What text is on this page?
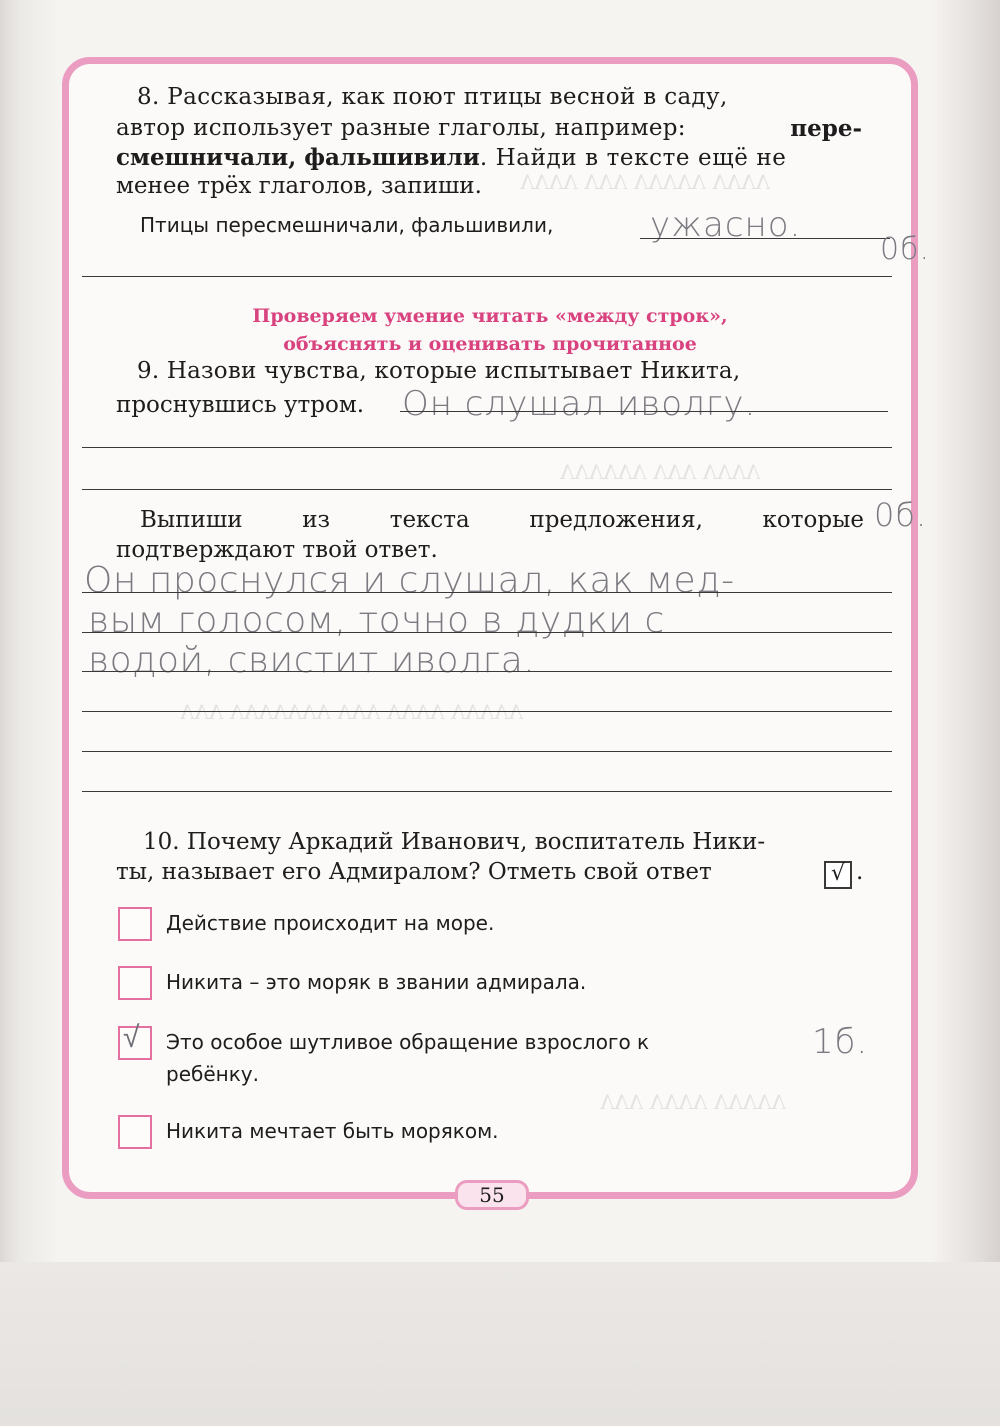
ΛΛΛΛ ΛΛΛΛΛ ΛΛΛ ΛΛΛΛ
ΛΛΛΛ ΛΛΛ ΛΛΛΛΛΛ
ΛΛΛΛΛ ΛΛΛΛ ΛΛΛ ΛΛΛΛΛΛΛ ΛΛΛ
ΛΛΛΛΛ ΛΛΛΛ ΛΛΛ
8. Рассказывая, как поют птицы весной в саду,
автор использует разные глаголы, например:	пере-
смешничали, фальшивили. Найди в тексте ещё не
менее трёх глаголов, запиши.
Птицы пересмешничали, фальшивили,	ужасно.
0б.
Проверяем умение читать «между строк»,
объяснять и оценивать прочитанное
9. Назови чувства, которые испытывает Никита,
проснувшись утром. Он слушал иволгу.
Выпиши	из	текста	предложения,	которые 0б.
подтверждают твой ответ.
Он проснулся и слушал, как мед-
вым голосом, точно в дудки с
водой, свистит иволга.
10. Почему Аркадий Иванович, воспитатель Ники-
ты, называет его Адмиралом? Отметь свой ответ	√ .
Действие происходит на море.
Никита – это моряк в звании адмирала.
√ Это особое шутливое обращение взрослого к
ребёнку.
1б.
Никита мечтает быть моряком.
55
